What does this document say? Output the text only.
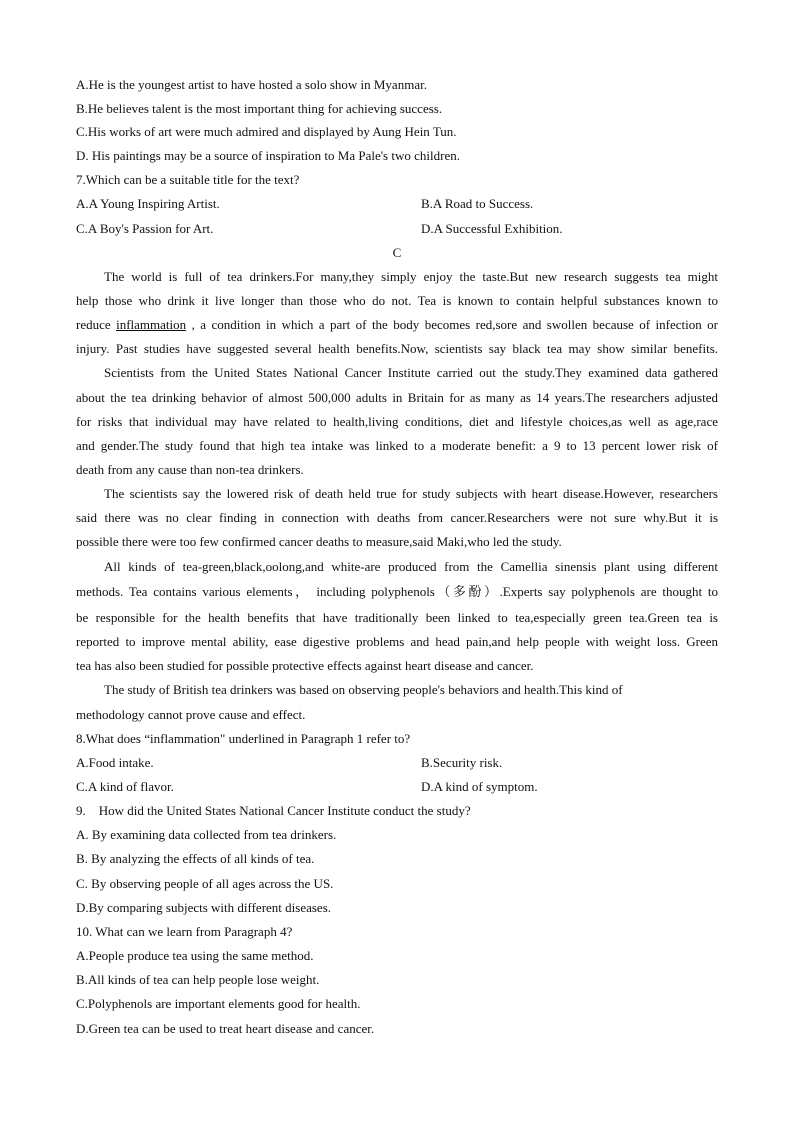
A.He is the youngest artist to have hosted a solo show in Myanmar.
B.He believes talent is the most important thing for achieving success.
C.His works of art were much admired and displayed by Aung Hein Tun.
D. His paintings may be a source of inspiration to Ma Pale's two children.
7.Which can be a suitable title for the text?
A.A Young Inspiring Artist.	B.A Road to Success.
C.A Boy's Passion for Art.	D.A Successful Exhibition.
C
The world is full of tea drinkers.For many,they simply enjoy the taste.But new research suggests tea might
help those who drink it live longer than those who do not. Tea is known to contain helpful substances known to
reduce inflammation , a condition in which a part of the body becomes red,sore and swollen because of infection or
injury. Past studies have suggested several health benefits.Now, scientists say black tea may show similar benefits.
Scientists from the United States National Cancer Institute carried out the study.They examined data gathered
about the tea drinking behavior of almost 500,000 adults in Britain for as many as 14 years.The researchers adjusted
for risks that individual may have related to health,living conditions, diet and lifestyle choices,as well as age,race
and gender.The study found that high tea intake was linked to a moderate benefit: a 9 to 13 percent lower risk of
death from any cause than non-tea drinkers.
The scientists say the lowered risk of death held true for study subjects with heart disease.However, researchers
said there was no clear finding in connection with deaths from cancer.Researchers were not sure why.But it is
possible there were too few confirmed cancer deaths to measure,said Maki,who led the study.
All kinds of tea-green,black,oolong,and white-are produced from the Camellia sinensis plant using different
methods. Tea contains various elements， including polyphenols（多酚）.Experts say polyphenols are thought to
be responsible for the health benefits that have traditionally been linked to tea,especially green tea.Green tea is
reported to improve mental ability, ease digestive problems and head pain,and help people with weight loss. Green
tea has also been studied for possible protective effects against heart disease and cancer.
The study of British tea drinkers was based on observing people's behaviors and health.This kind of
methodology cannot prove cause and effect.
8.What does “inflammation" underlined in Paragraph 1 refer to?
A.Food intake.	B.Security risk.
C.A kind of flavor.	D.A kind of symptom.
9.    How did the United States National Cancer Institute conduct the study?
A. By examining data collected from tea drinkers.
B. By analyzing the effects of all kinds of tea.
C. By observing people of all ages across the US.
D.By comparing subjects with different diseases.
10. What can we learn from Paragraph 4?
A.People produce tea using the same method.
B.All kinds of tea can help people lose weight.
C.Polyphenols are important elements good for health.
D.Green tea can be used to treat heart disease and cancer.
